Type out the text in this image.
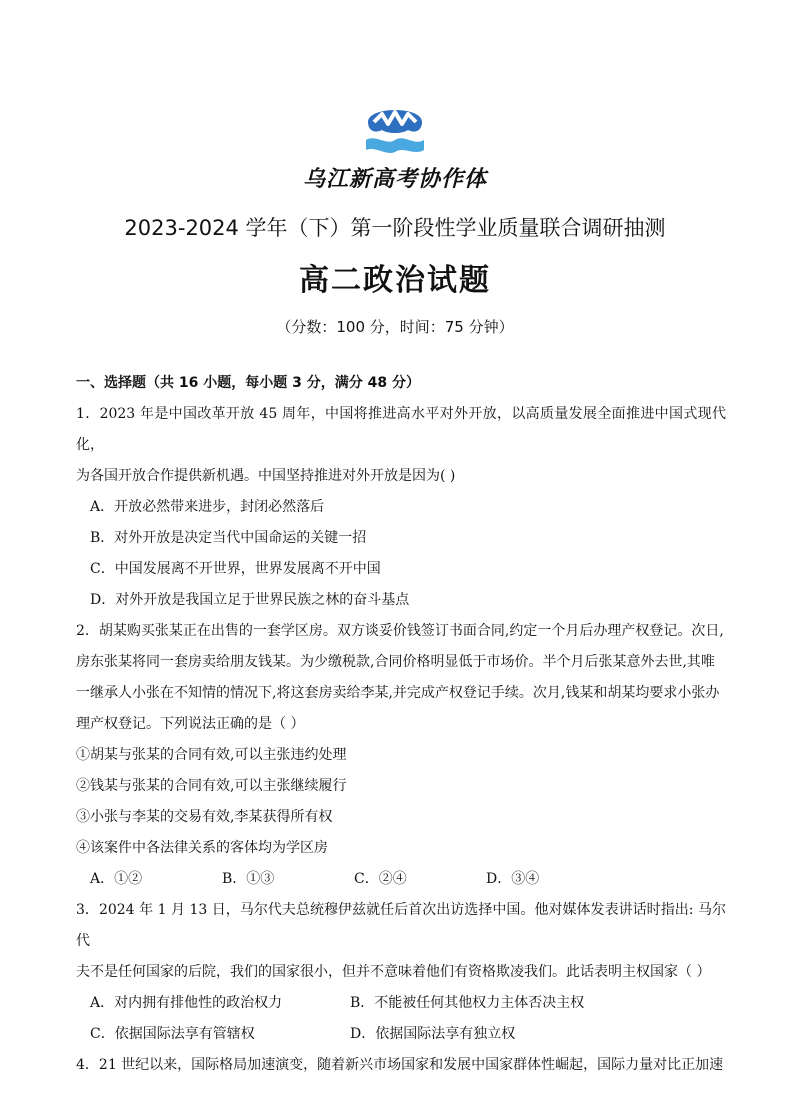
乌江新高考协作体
2023-2024 学年（下）第一阶段性学业质量联合调研抽测
高二政治试题
（分数：100 分，时间：75 分钟）
一、选择题（共 16 小题，每小题 3 分，满分 48 分）
1．2023 年是中国改革开放 45 周年，中国将推进高水平对外开放，以高质量发展全面推进中国式现代化，
为各国开放合作提供新机遇。中国坚持推进对外开放是因为( )
A．开放必然带来进步，封闭必然落后
B．对外开放是决定当代中国命运的关键一招
C．中国发展离不开世界，世界发展离不开中国
D．对外开放是我国立足于世界民族之林的奋斗基点
2．胡某购买张某正在出售的一套学区房。双方谈妥价钱签订书面合同,约定一个月后办理产权登记。次日,
房东张某将同一套房卖给朋友钱某。为少缴税款,合同价格明显低于市场价。半个月后张某意外去世,其唯
一继承人小张在不知情的情况下,将这套房卖给李某,并完成产权登记手续。次月,钱某和胡某均要求小张办
理产权登记。下列说法正确的是（ ）
①胡某与张某的合同有效,可以主张违约处理
②钱某与张某的合同有效,可以主张继续履行
③小张与李某的交易有效,李某获得所有权
④该案件中各法律关系的客体均为学区房
A．①②	B．①③	C．②④	D．③④
3．2024 年 1 月 13 日，马尔代夫总统穆伊兹就任后首次出访选择中国。他对媒体发表讲话时指出: 马尔代
夫不是任何国家的后院，我们的国家很小，但并不意味着他们有资格欺凌我们。此话表明主权国家（ ）
A．对内拥有排他性的政治权力	B．不能被任何其他权力主体否决主权
C．依据国际法享有管辖权	D．依据国际法享有独立权
4．21 世纪以来，国际格局加速演变，随着新兴市场国家和发展中国家群体性崛起，国际力量对比正加速
